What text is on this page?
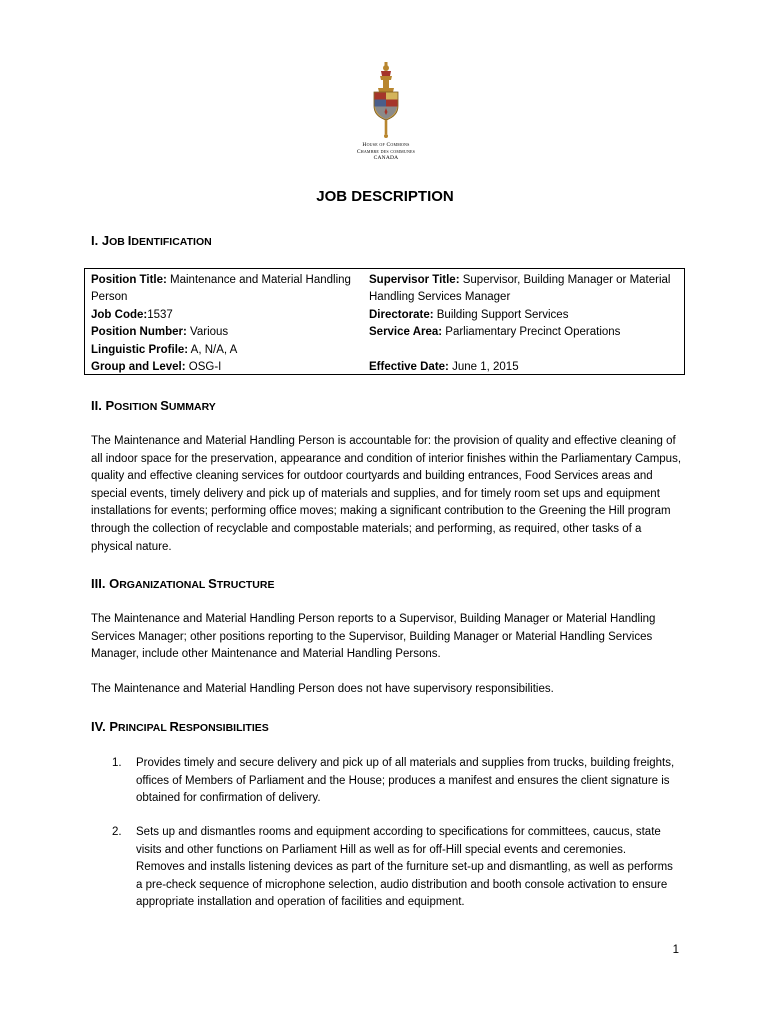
House of Commons
Chambre des communes
CANADA
JOB DESCRIPTION
I. JOB IDENTIFICATION
Position Title: Maintenance and Material Handling Person
Job Code:1537
Position Number: Various
Linguistic Profile: A, N/A, A
Group and Level: OSG-I
Supervisor Title: Supervisor, Building Manager or Material Handling Services Manager
Directorate: Building Support Services
Service Area: Parliamentary Precinct Operations
Effective Date: June 1, 2015
II. POSITION SUMMARY
The Maintenance and Material Handling Person is accountable for: the provision of quality and effective cleaning of all indoor space for the preservation, appearance and condition of interior finishes within the Parliamentary Campus, quality and effective cleaning services for outdoor courtyards and building entrances, Food Services areas and special events, timely delivery and pick up of materials and supplies, and for timely room set ups and equipment installations for events; performing office moves; making a significant contribution to the Greening the Hill program through the collection of recyclable and compostable materials; and performing, as required, other tasks of a physical nature.
III. ORGANIZATIONAL STRUCTURE
The Maintenance and Material Handling Person reports to a Supervisor, Building Manager or Material Handling Services Manager; other positions reporting to the Supervisor, Building Manager or Material Handling Services Manager, include other Maintenance and Material Handling Persons.
The Maintenance and Material Handling Person does not have supervisory responsibilities.
IV. PRINCIPAL RESPONSIBILITIES
1. Provides timely and secure delivery and pick up of all materials and supplies from trucks, building freights, offices of Members of Parliament and the House; produces a manifest and ensures the client signature is obtained for confirmation of delivery.
2. Sets up and dismantles rooms and equipment according to specifications for committees, caucus, state visits and other functions on Parliament Hill as well as for off-Hill special events and ceremonies. Removes and installs listening devices as part of the furniture set-up and dismantling, as well as performs a pre-check sequence of microphone selection, audio distribution and booth console activation to ensure appropriate installation and operation of facilities and equipment.
1
